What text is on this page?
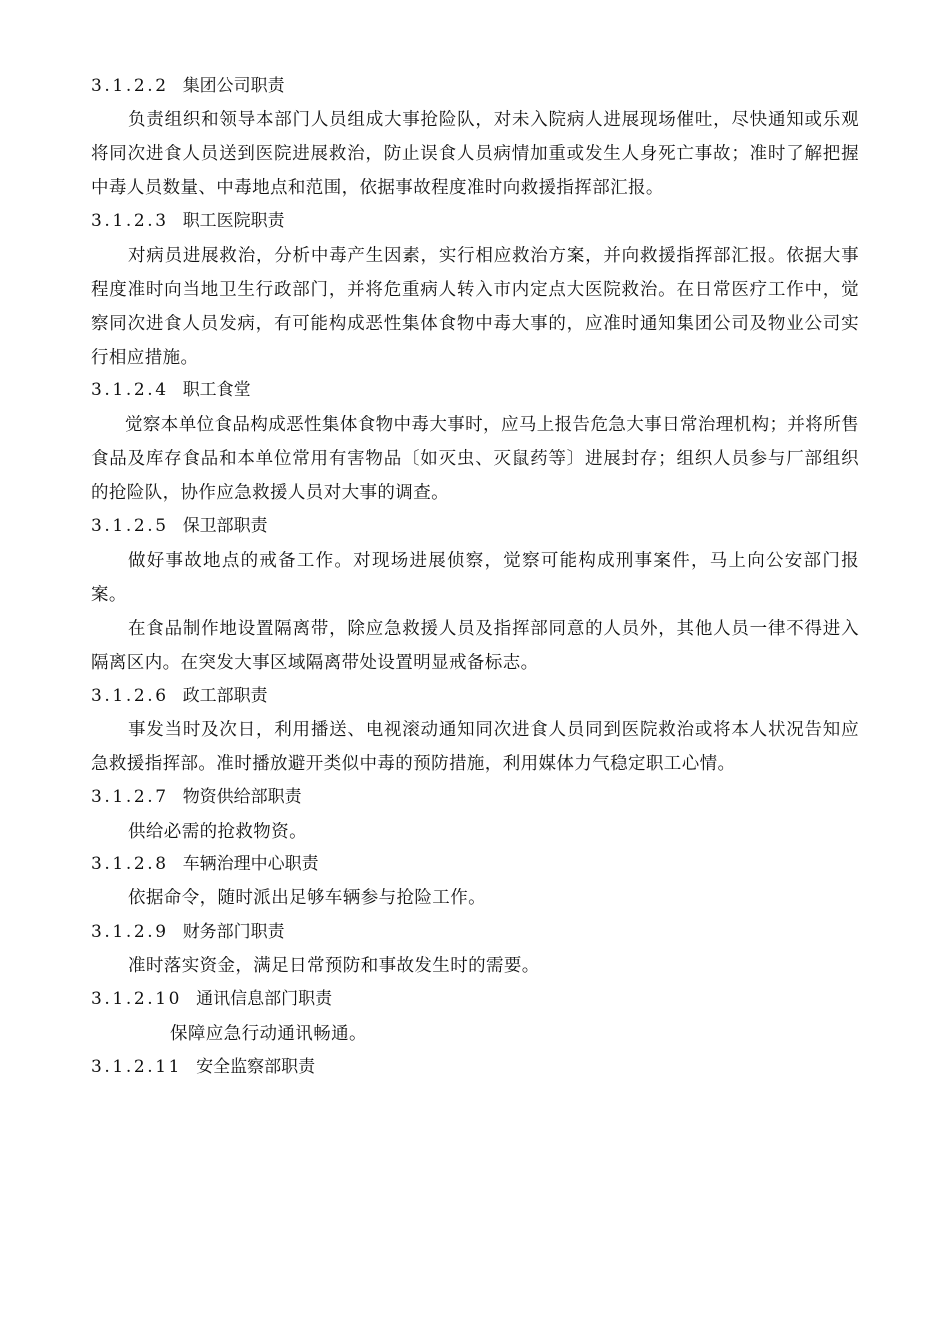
3.1.2.2 集团公司职责

负责组织和领导本部门人员组成大事抢险队，对未入院病人进展现场催吐，尽快通知或乐观将同次进食人员送到医院进展救治，防止误食人员病情加重或发生人身死亡事故；准时了解把握中毒人员数量、中毒地点和范围，依据事故程度准时向救援指挥部汇报。

3.1.2.3 职工医院职责

对病员进展救治，分析中毒产生因素，实行相应救治方案，并向救援指挥部汇报。依据大事程度准时向当地卫生行政部门，并将危重病人转入市内定点大医院救治。在日常医疗工作中，觉察同次进食人员发病，有可能构成恶性集体食物中毒大事的，应准时通知集团公司及物业公司实行相应措施。

3.1.2.4 职工食堂

觉察本单位食品构成恶性集体食物中毒大事时，应马上报告危急大事日常治理机构；并将所售食品及库存食品和本单位常用有害物品〔如灭虫、灭鼠药等〕进展封存；组织人员参与厂部组织的抢险队，协作应急救援人员对大事的调查。

3.1.2.5 保卫部职责

做好事故地点的戒备工作。对现场进展侦察，觉察可能构成刑事案件，马上向公安部门报案。

在食品制作地设置隔离带，除应急救援人员及指挥部同意的人员外，其他人员一律不得进入隔离区内。在突发大事区域隔离带处设置明显戒备标志。

3.1.2.6 政工部职责

事发当时及次日，利用播送、电视滚动通知同次进食人员同到医院救治或将本人状况告知应急救援指挥部。准时播放避开类似中毒的预防措施，利用媒体力气稳定职工心情。

3.1.2.7 物资供给部职责

供给必需的抢救物资。

3.1.2.8 车辆治理中心职责

依据命令，随时派出足够车辆参与抢险工作。

3.1.2.9 财务部门职责

准时落实资金，满足日常预防和事故发生时的需要。

3.1.2.10 通讯信息部门职责

保障应急行动通讯畅通。

3.1.2.11 安全监察部职责
